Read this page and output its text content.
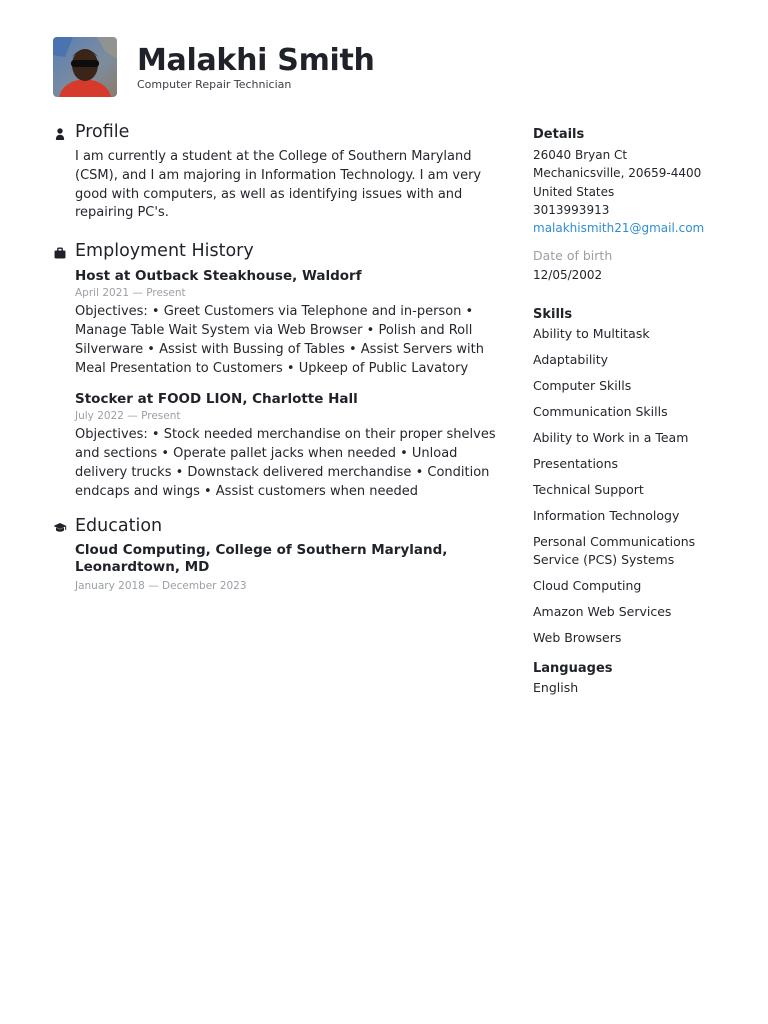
Malakhi Smith
Computer Repair Technician
Profile
I am currently a student at the College of Southern Maryland (CSM), and I am majoring in Information Technology. I am very good with computers, as well as identifying issues with and repairing PC's.
Employment History
Host at Outback Steakhouse, Waldorf
April 2021 — Present
Objectives: • Greet Customers via Telephone and in-person • Manage Table Wait System via Web Browser • Polish and Roll Silverware • Assist with Bussing of Tables • Assist Servers with Meal Presentation to Customers • Upkeep of Public Lavatory
Stocker at FOOD LION, Charlotte Hall
July 2022 — Present
Objectives: • Stock needed merchandise on their proper shelves and sections • Operate pallet jacks when needed • Unload delivery trucks • Downstack delivered merchandise • Condition endcaps and wings • Assist customers when needed
Education
Cloud Computing, College of Southern Maryland, Leonardtown, MD
January 2018 — December 2023
Details
26040 Bryan Ct
Mechanicsville, 20659-4400
United States
3013993913
malakhismith21@gmail.com
Date of birth
12/05/2002
Skills
Ability to Multitask
Adaptability
Computer Skills
Communication Skills
Ability to Work in a Team
Presentations
Technical Support
Information Technology
Personal Communications Service (PCS) Systems
Cloud Computing
Amazon Web Services
Web Browsers
Languages
English
